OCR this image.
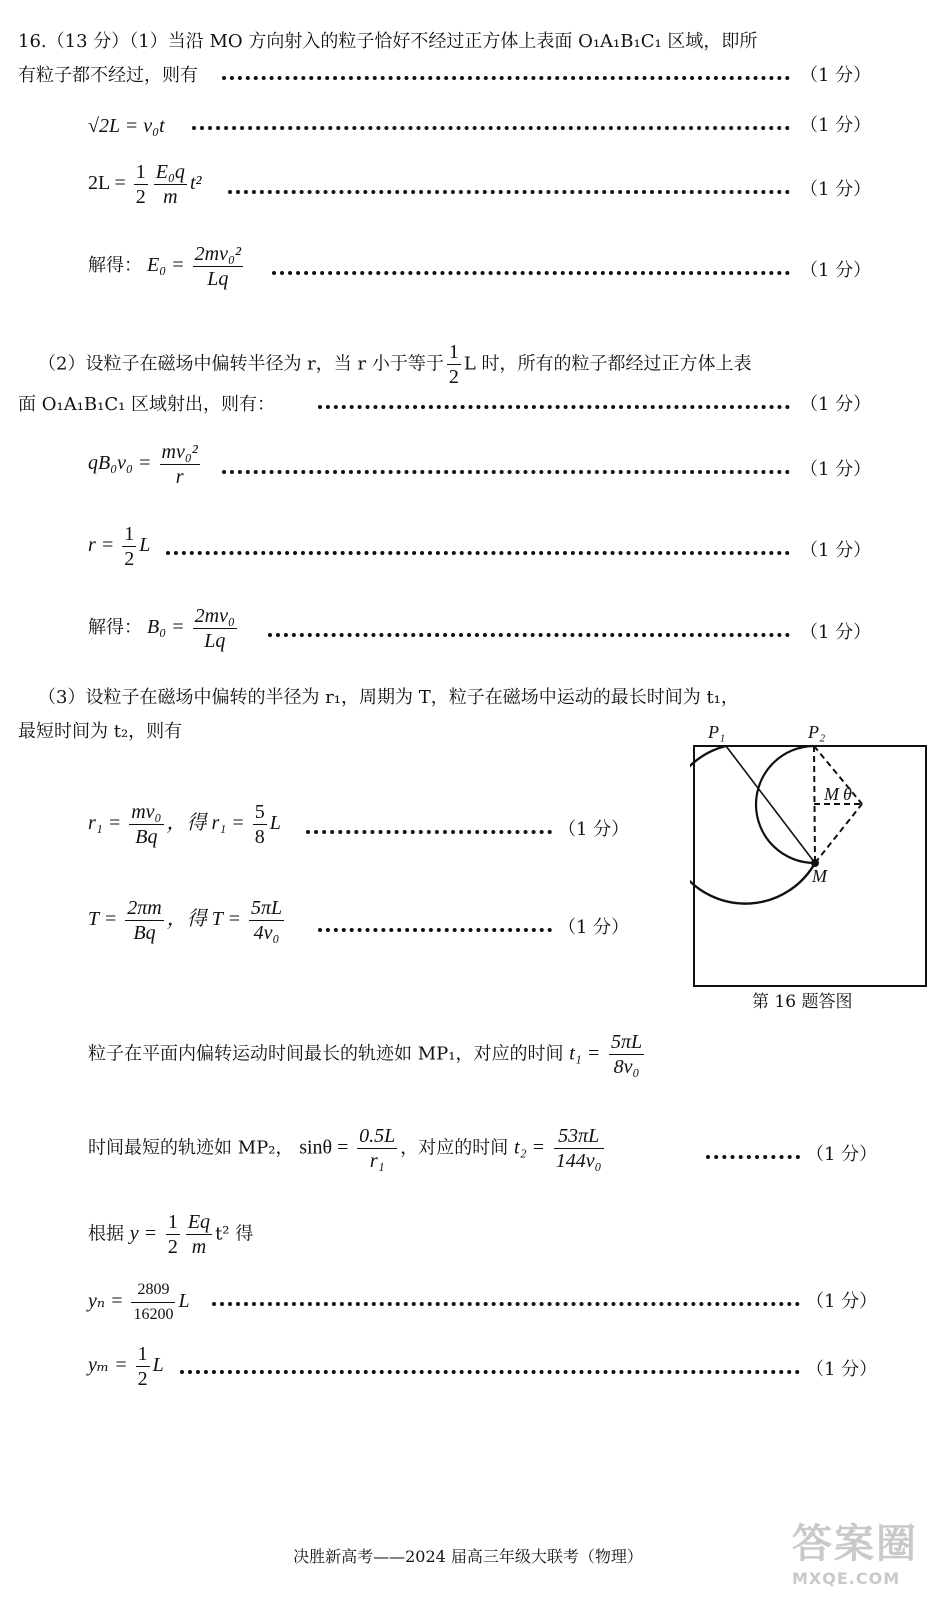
16.（13 分）（1）当沿 MO 方向射入的粒子恰好不经过正方体上表面 O₁A₁B₁C₁ 区域，即所
有粒子都不经过，则有	（1 分）
√2L = v₀t	（1 分）
$2L = \frac{1}{2} \frac{\text{E₀q}}{m} t^2$	（1 分）
解得： $E_0 = \frac{\text{2mv₀²}}{Lq}$	（1 分）
（2）设粒子在磁场中偏转半径为 r，当 r 小于等于 $\frac{1}{2}$ L 时，所有的粒子都经过正方体上表
面 O₁A₁B₁C₁ 区域射出，则有：	（1 分）
$qB_0v_0 = \frac{\text{mv₀²}}{r}$	（1 分）
$r = \frac{1}{2}$ L	（1 分）
解得： $B_0 = \frac{\text{2mv₀}}{Lq}$	（1 分）
（3）设粒子在磁场中偏转的半径为 r₁，周期为 T，粒子在磁场中运动的最长时间为 t₁，
最短时间为 t₂，则有
$r_1 = \frac{\text{mv₀}}{Bq}$ ，得 $r_1 = \frac{5}{8}$ L	（1 分）
$T = \frac{2\pi m}{Bq}$ ，得 $T = \frac{5\pi L}{\text{4v₀}}$	（1 分）
粒子在平面内偏转运动时间最长的轨迹如 MP₁，对应的时间 $t_1 = \frac{5\pi L}{\text{8v₀}}$
时间最短的轨迹如 MP₂， $\sin\theta = \frac{0.5L}{\text{r₁}}$ ，对应的时间 $t_2 = \frac{53\pi L}{\text{144v₀}}$	（1 分）
根据 $y = \frac{1}{2} \frac{Eq}{m} t^2$ 得
$y_n = \frac{2809}{16200}$ L	（1 分）
$y_m = \frac{1}{2}$ L	（1 分）
P₁	P₂
M
M θ
第 16 题答图
决胜新高考——2024 届高三年级大联考（物理）	答案圈
MXQE.COM
